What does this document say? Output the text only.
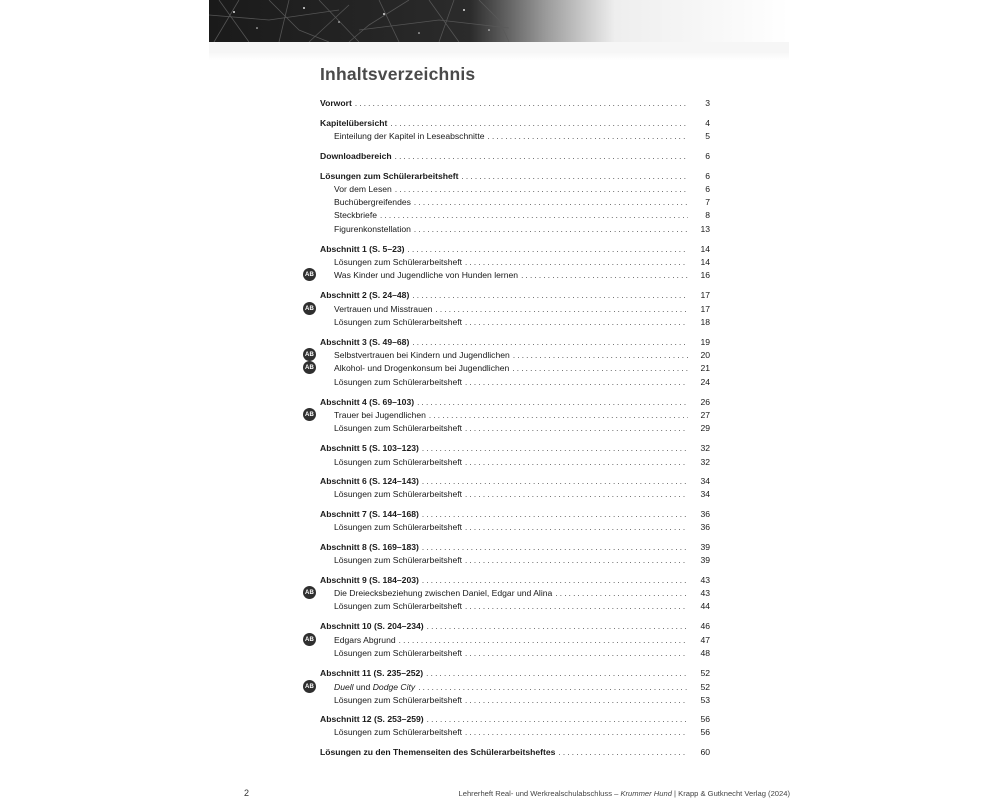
Inhaltsverzeichnis
Vorwort . . .	3
Kapitelübersicht . . .	4
Einteilung der Kapitel in Leseabschnitte . . .	5
Downloadbereich . . .	6
Lösungen zum Schülerarbeitsheft . . .	6
Vor dem Lesen . . .	6
Buchübergreifendes . . .	7
Steckbriefe . . .	8
Figurenkonstellation . . .	13
Abschnitt 1 (S. 5–23) . . .	14
Lösungen zum Schülerarbeitsheft . . .	14
Was Kinder und Jugendliche von Hunden lernen . . .	16
AB
Abschnitt 2 (S. 24–48) . . .	17
Vertrauen und Misstrauen . . .	17
AB
Lösungen zum Schülerarbeitsheft . . .	18
Abschnitt 3 (S. 49–68) . . .	19
Selbstvertrauen bei Kindern und Jugendlichen . . .	20
AB
Alkohol- und Drogenkonsum bei Jugendlichen . . .	21
AB
Lösungen zum Schülerarbeitsheft . . .	24
Abschnitt 4 (S. 69–103) . . .	26
Trauer bei Jugendlichen . . .	27
AB
Lösungen zum Schülerarbeitsheft . . .	29
Abschnitt 5 (S. 103–123) . . .	32
Lösungen zum Schülerarbeitsheft . . .	32
Abschnitt 6 (S. 124–143) . . .	34
Lösungen zum Schülerarbeitsheft . . .	34
Abschnitt 7 (S. 144–168) . . .	36
Lösungen zum Schülerarbeitsheft . . .	36
Abschnitt 8 (S. 169–183) . . .	39
Lösungen zum Schülerarbeitsheft . . .	39
Abschnitt 9 (S. 184–203) . . .	43
Die Dreiecksbeziehung zwischen Daniel, Edgar und Alina . . .	43
AB
Lösungen zum Schülerarbeitsheft . . .	44
Abschnitt 10 (S. 204–234) . . .	46
Edgars Abgrund . . .	47
AB
Lösungen zum Schülerarbeitsheft . . .	48
Abschnitt 11 (S. 235–252) . . .	52
Duell und Dodge City . . .	52
AB
Lösungen zum Schülerarbeitsheft . . .	53
Abschnitt 12 (S. 253–259) . . .	56
Lösungen zum Schülerarbeitsheft . . .	56
Lösungen zu den Themenseiten des Schülerarbeitsheftes . . .	60
2	Lehrerheft Real- und Werkrealschulabschluss – Krummer Hund | Krapp & Gutknecht Verlag (2024)
